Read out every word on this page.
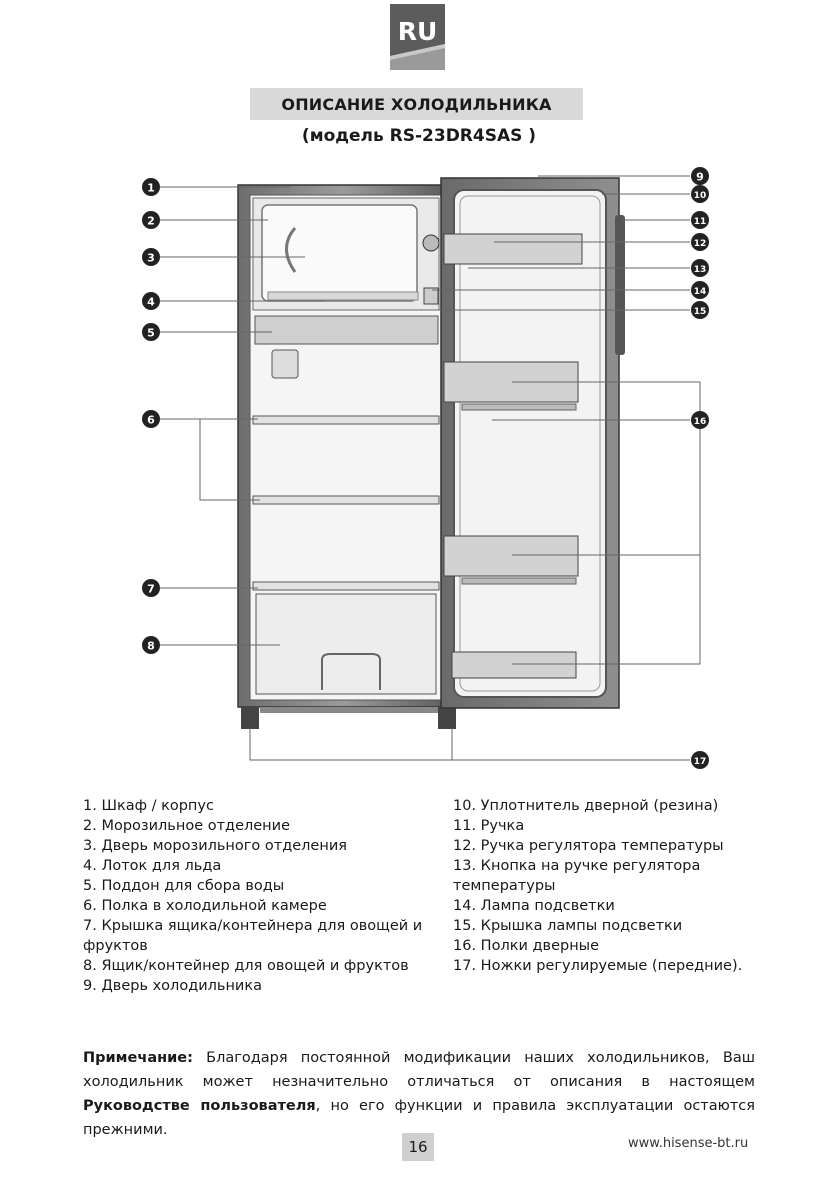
RU
ОПИСАНИЕ ХОЛОДИЛЬНИКА
(модель RS-23DR4SAS )
1
2
3
4
5
6
7
8
9
10
11
12
13
14
15
16
17
1. Шкаф / корпус
2. Морозильное отделение
3. Дверь морозильного отделения
4. Лоток для льда
5. Поддон для сбора воды
6. Полка в холодильной камере
7. Крышка ящика/контейнера для овощей и фруктов
8. Ящик/контейнер для овощей и фруктов
9. Дверь холодильника
10. Уплотнитель дверной (резина)
11. Ручка
12. Ручка регулятора температуры
13. Кнопка на ручке регулятора температуры
14. Лампа подсветки
15. Крышка лампы подсветки
16. Полки дверные
17. Ножки регулируемые (передние).
Примечание: Благодаря постоянной модификации наших холодильников, Ваш холодильник может незначительно отличаться от описания в настоящем Руководстве пользователя, но его функции и правила эксплуатации остаются прежними.
16	www.hisense-bt.ru
